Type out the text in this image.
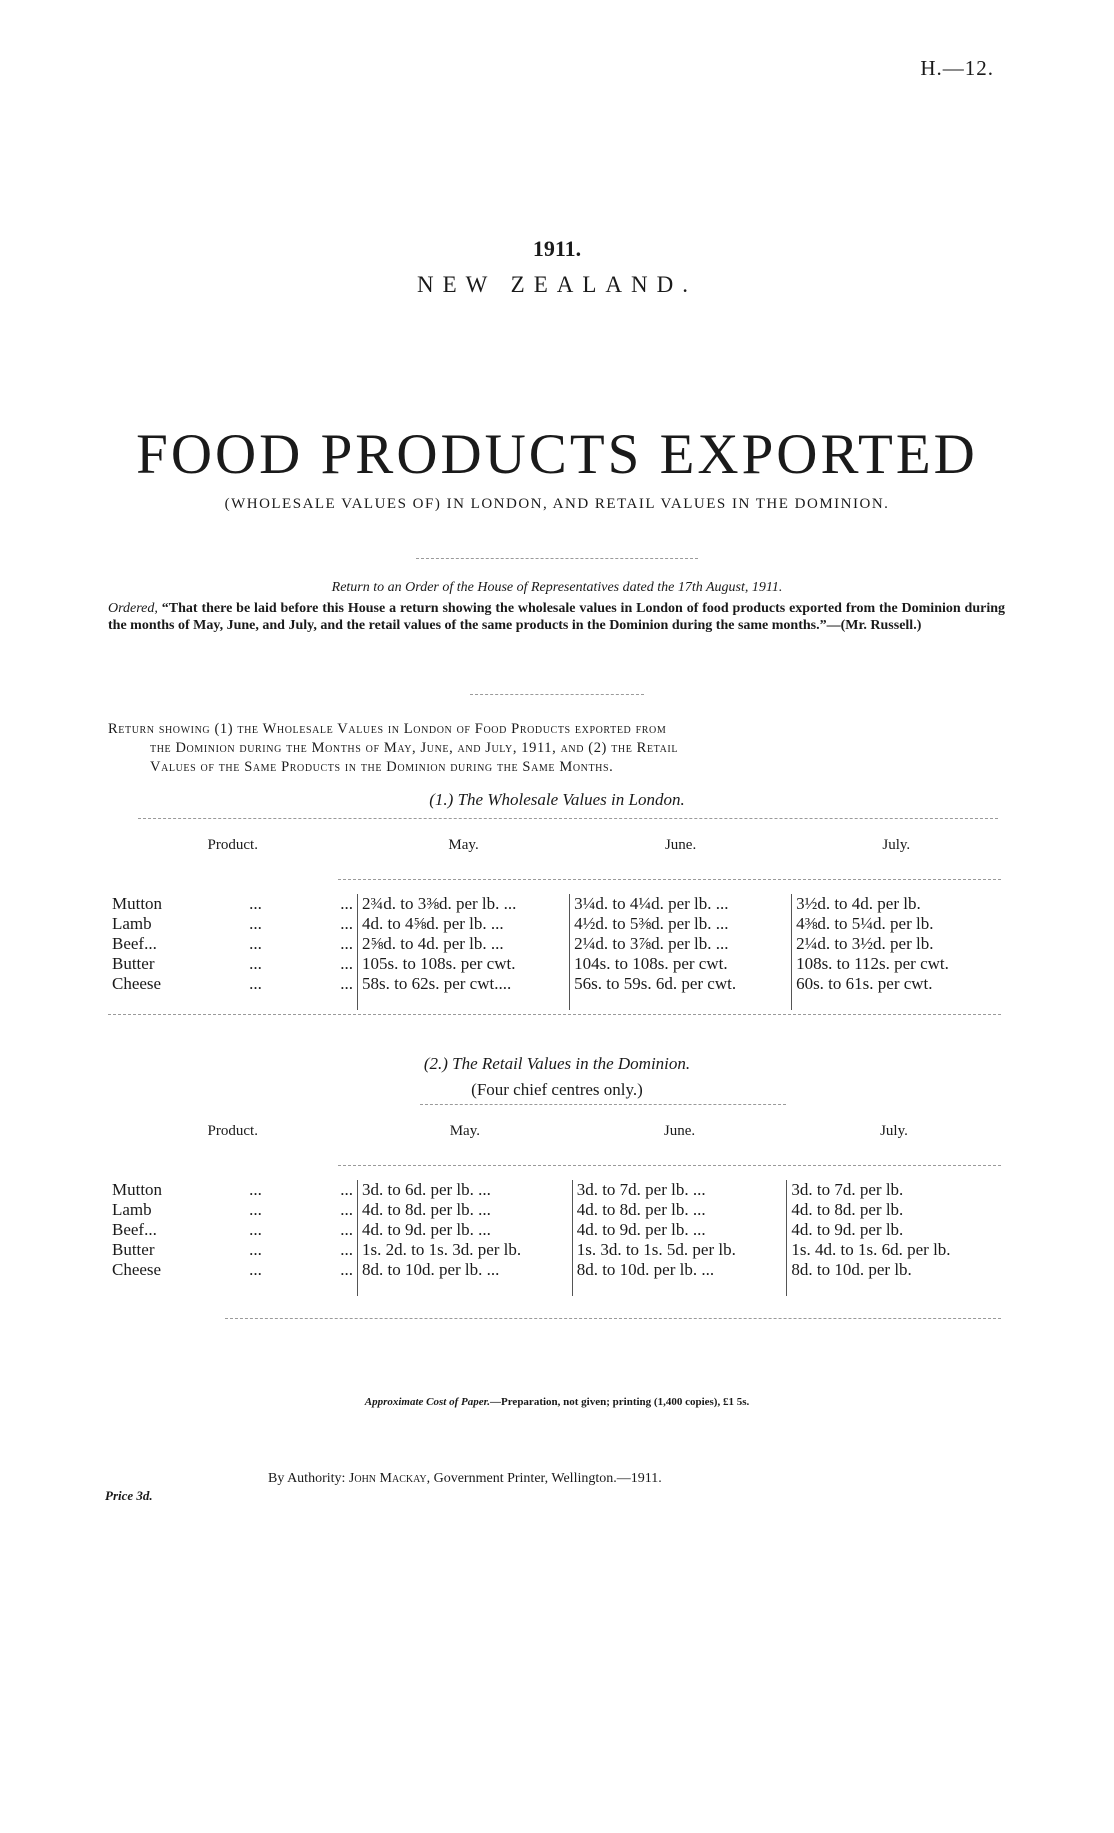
H.—12.
1911.
NEW ZEALAND.
FOOD PRODUCTS EXPORTED
(WHOLESALE VALUES OF) IN LONDON, AND RETAIL VALUES IN THE DOMINION.
Return to an Order of the House of Representatives dated the 17th August, 1911.
Ordered, “That there be laid before this House a return showing the wholesale values in London of food products exported from the Dominion during the months of May, June, and July, and the retail values of the same products in the Dominion during the same months.”—(Mr. Russell.)
Return showing (1) the Wholesale Values in London of Food Products exported from
the Dominion during the Months of May, June, and July, 1911, and (2) the Retail
Values of the Same Products in the Dominion during the Same Months.
(1.) The Wholesale Values in London.
Product.			May.	June.	July.

Mutton	...	...	2¾d. to 3⅜d. per lb. ...	3¼d. to 4¼d. per lb. ...	3½d. to 4d. per lb.
Lamb	...	...	4d. to 4⅝d. per lb. ...	4½d. to 5⅜d. per lb. ...	4⅜d. to 5¼d. per lb.
Beef...	...	...	2⅝d. to 4d. per lb. ...	2¼d. to 3⅞d. per lb. ...	2¼d. to 3½d. per lb.
Butter	...	...	105s. to 108s. per cwt.	104s. to 108s. per cwt.	108s. to 112s. per cwt.
Cheese	...	...	58s. to 62s. per cwt....	56s. to 59s. 6d. per cwt.	60s. to 61s. per cwt.

(2.) The Retail Values in the Dominion.
(Four chief centres only.)
Product.			May.	June.	July.

Mutton	...	...	3d. to 6d. per lb. ...	3d. to 7d. per lb. ...	3d. to 7d. per lb.
Lamb	...	...	4d. to 8d. per lb. ...	4d. to 8d. per lb. ...	4d. to 8d. per lb.
Beef...	...	...	4d. to 9d. per lb. ...	4d. to 9d. per lb. ...	4d. to 9d. per lb.
Butter	...	...	1s. 2d. to 1s. 3d. per lb.	1s. 3d. to 1s. 5d. per lb.	1s. 4d. to 1s. 6d. per lb.
Cheese	...	...	8d. to 10d. per lb. ...	8d. to 10d. per lb. ...	8d. to 10d. per lb.

Approximate Cost of Paper.—Preparation, not given; printing (1,400 copies), £1 5s.
By Authority: John Mackay, Government Printer, Wellington.—1911.
Price 3d.
